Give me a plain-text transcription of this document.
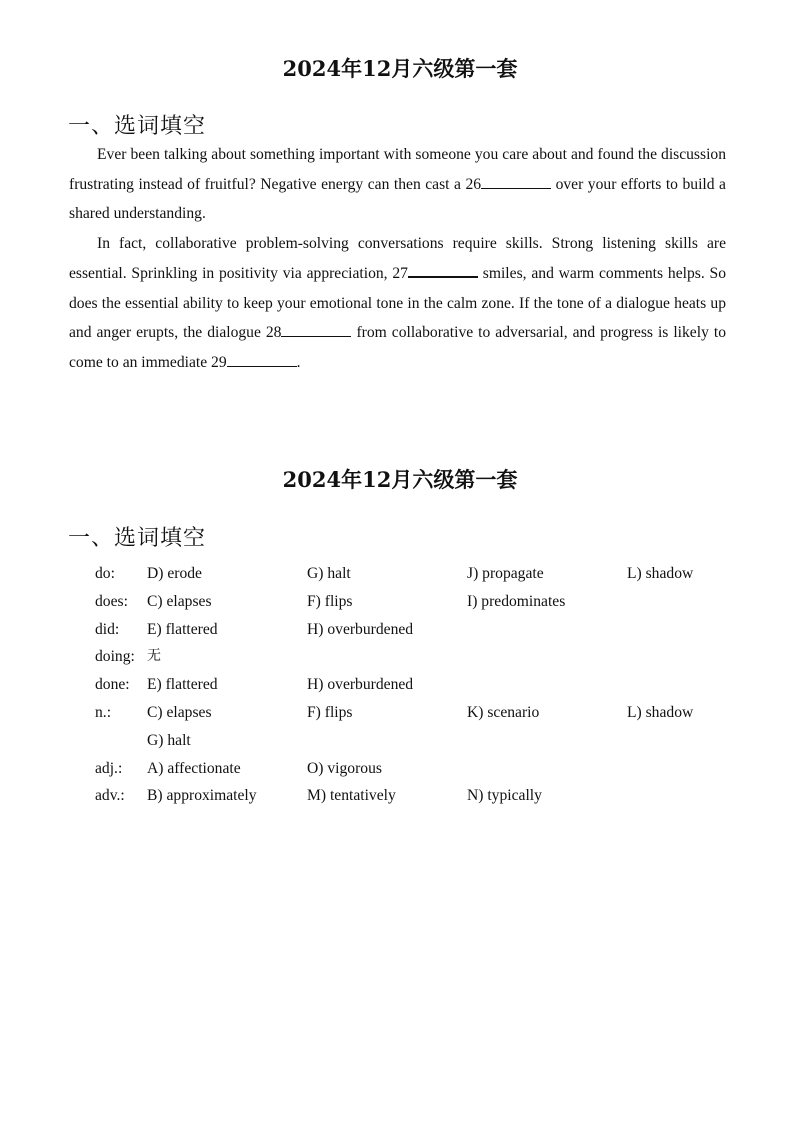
2024年12月六级第一套
一、选词填空

Ever been talking about something important with someone you care about and found the discussion frustrating instead of fruitful? Negative energy can then cast a 26	over your efforts to build a shared understanding.

In fact, collaborative problem-solving conversations require skills. Strong listening skills are essential. Sprinkling in positivity via appreciation, 27	smiles, and warm comments helps. So does the essential ability to keep your emotional tone in the calm zone. If the tone of a dialogue heats up and anger erupts, the dialogue 28	from collaborative to adversarial, and progress is likely to come to an immediate 29	.

2024年12月六级第一套
一、选词填空
do: D) erode	G) halt	J) propagate	L) shadow
does: C) elapses	F) flips	I) predominates
did: E) flattered	H) overburdened
doing: 无
done: E) flattered	H) overburdened
n.: C) elapses	F) flips	K) scenario	L) shadow
G) halt
adj.: A) affectionate	O) vigorous
adv.: B) approximately	M) tentatively	N) typically
